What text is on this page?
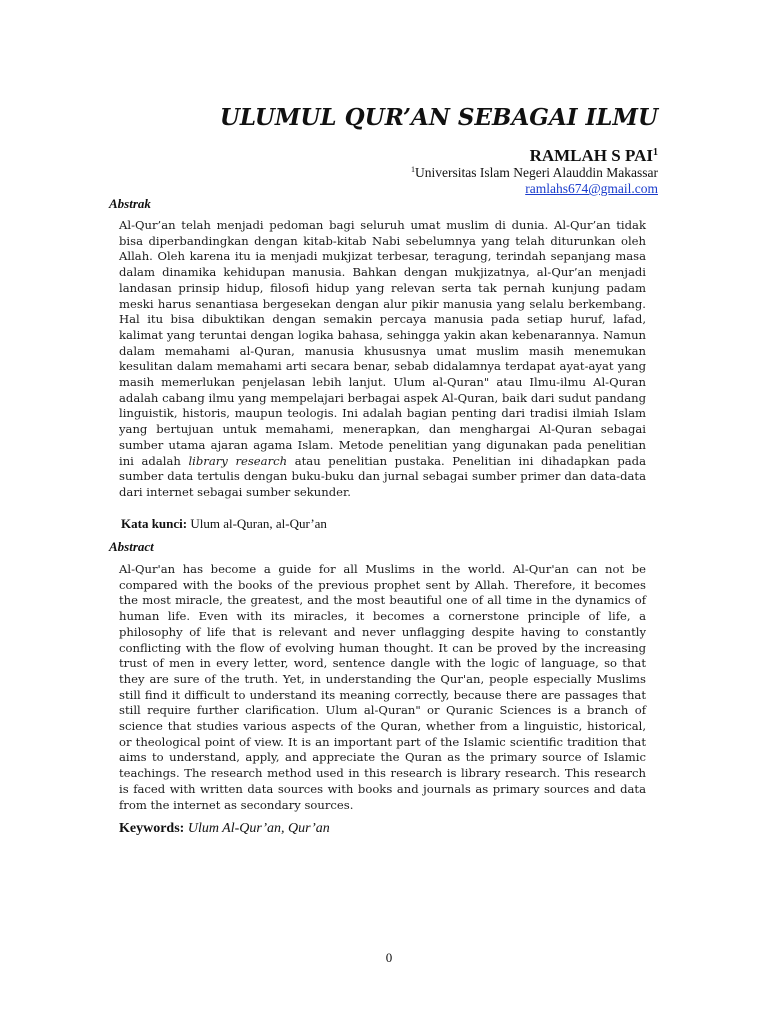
ULUMUL QUR’AN SEBAGAI ILMU
RAMLAH S PAI$^1$
$^1$Universitas Islam Negeri Alauddin Makassar
ramlahs674@gmail.com
Abstrak
Al-Qur’an telah menjadi pedoman bagi seluruh umat muslim di dunia. Al-Qur’an tidak bisa diperbandingkan dengan kitab-kitab Nabi sebelumnya yang telah diturunkan oleh Allah. Oleh karena itu ia menjadi mukjizat terbesar, teragung, terindah sepanjang masa dalam dinamika kehidupan manusia. Bahkan dengan mukjizatnya, al-Qur’an menjadi landasan prinsip hidup, filosofi hidup yang relevan serta tak pernah kunjung padam meski harus senantiasa bergesekan dengan alur pikir manusia yang selalu berkembang. Hal itu bisa dibuktikan dengan semakin percaya manusia pada setiap huruf, lafad, kalimat yang teruntai dengan logika bahasa, sehingga yakin akan kebenarannya. Namun dalam memahami al-Quran, manusia khususnya umat muslim masih menemukan kesulitan dalam memahami arti secara benar, sebab didalamnya terdapat ayat-ayat yang masih memerlukan penjelasan lebih lanjut. Ulum al-Quran" atau Ilmu-ilmu Al-Quran adalah cabang ilmu yang mempelajari berbagai aspek Al-Quran, baik dari sudut pandang linguistik, historis, maupun teologis. Ini adalah bagian penting dari tradisi ilmiah Islam yang bertujuan untuk memahami, menerapkan, dan menghargai Al-Quran sebagai sumber utama ajaran agama Islam. Metode penelitian yang digunakan pada penelitian ini adalah library research atau penelitian pustaka. Penelitian ini dihadapkan pada sumber data tertulis dengan buku-buku dan jurnal sebagai sumber primer dan data-data dari internet sebagai sumber sekunder.
Kata kunci: Ulum al-Quran, al-Qur’an
Abstract
Al-Qur'an has become a guide for all Muslims in the world. Al-Qur'an can not be compared with the books of the previous prophet sent by Allah. Therefore, it becomes the most miracle, the greatest, and the most beautiful one of all time in the dynamics of human life. Even with its miracles, it becomes a cornerstone principle of life, a philosophy of life that is relevant and never unflagging despite having to constantly conflicting with the flow of evolving human thought. It can be proved by the increasing trust of men in every letter, word, sentence dangle with the logic of language, so that they are sure of the truth. Yet, in understanding the Qur'an, people especially Muslims still find it difficult to understand its meaning correctly, because there are passages that still require further clarification. Ulum al-Quran" or Quranic Sciences is a branch of science that studies various aspects of the Quran, whether from a linguistic, historical, or theological point of view. It is an important part of the Islamic scientific tradition that aims to understand, apply, and appreciate the Quran as the primary source of Islamic teachings. The research method used in this research is library research. This research is faced with written data sources with books and journals as primary sources and data from the internet as secondary sources.
Keywords: Ulum Al-Qur’an, Qur’an
0
